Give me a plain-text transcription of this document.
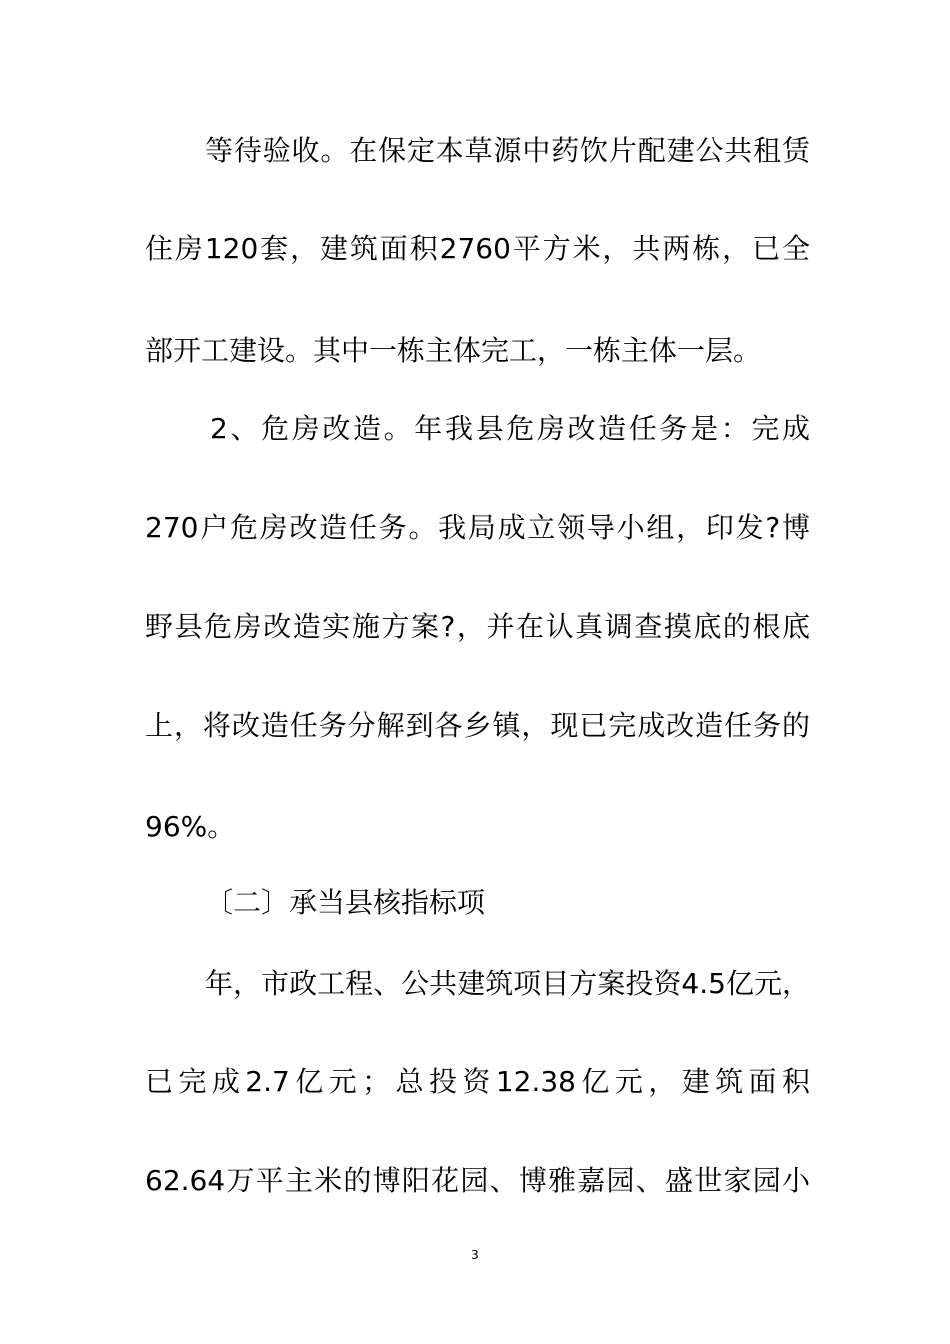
等待验收。在保定本草源中药饮片配建公共租赁
住房120套，建筑面积2760平方米，共两栋，已全
部开工建设。其中一栋主体完工，一栋主体一层。
2、危房改造。年我县危房改造任务是：完成
270户危房改造任务。我局成立领导小组，印发?博
野县危房改造实施方案?，并在认真调查摸底的根底
上，将改造任务分解到各乡镇，现已完成改造任务的
96%。
〔二〕承当县核指标项
年，市政工程、公共建筑项目方案投资4.5亿元，
已完成2.7亿元；总投资12.38亿元，建筑面积
62.64万平主米的博阳花园、博雅嘉园、盛世家园小
3
